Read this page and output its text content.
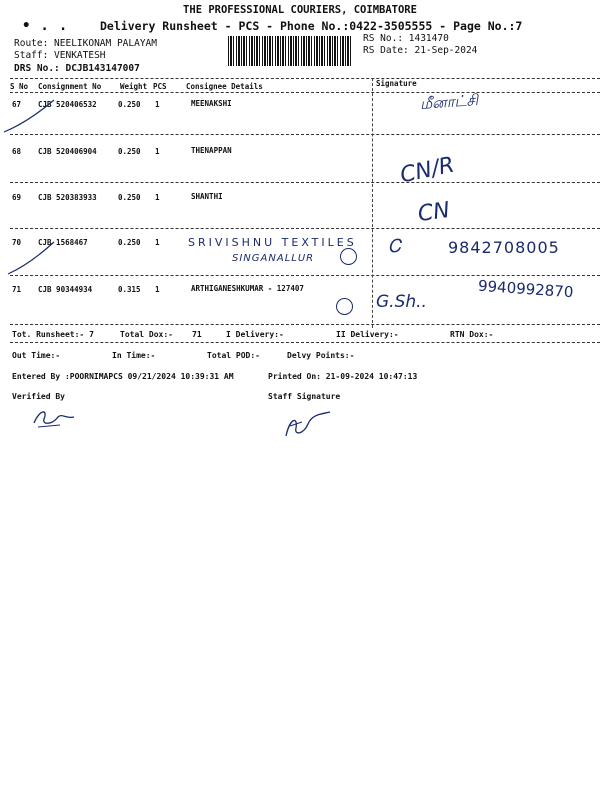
THE PROFESSIONAL COURIERS, COIMBATORE
•.. Delivery Runsheet - PCS - Phone No.:0422-3505555 - Page No.:7
Route: NEELIKONAM PALAYAM
Staff: VENKATESH
DRS No.: DCJB143147007
RS No.: 1431470
RS Date: 21-Sep-2024
S No Consignment No	Weight PCS	Consignee Details	Signature
67 CJB 520406532	0.250 1	MEENAKSHI	மீனாட்சி
68 CJB 520406904	0.250 1	THENAPPAN
CN/R
69 CJB 520383933	0.250 1	SHANTHI
CN
70 CJB 1568467	0.250 1	SRIVISHNU TEXTILES
SINGANALLUR
Ꮯ	9842708005
71 CJB 90344934	0.315 1	ARTHIGANESHKUMAR - 127407
G.Sh..
9940992870
Tot. Runsheet:- 7	Total Dox:- 71	I Delivery:-	II Delivery:-	RTN Dox:-
Out Time:-	In Time:-	Total POD:-	Delvy Points:-
Entered By :POORNIMAPCS 09/21/2024 10:39:31 AM	Printed On: 21-09-2024 10:47:13
Verified By	Staff Signature
